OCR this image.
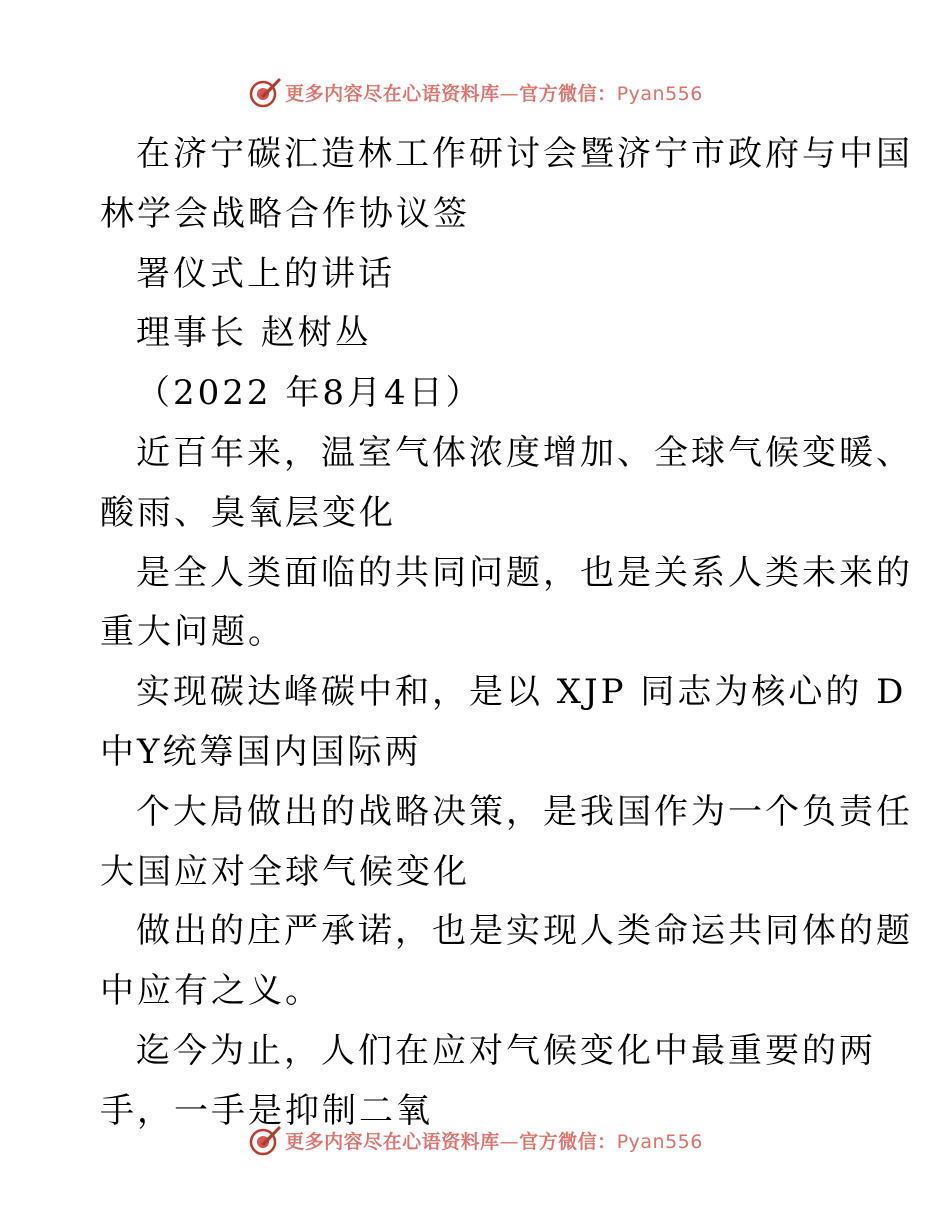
更多内容尽在心语资料库—官方微信：Pyan556
在济宁碳汇造林工作研讨会暨济宁市政府与中国
林学会战略合作协议签
署仪式上的讲话
理事长 赵树丛
（2022 年8月4日）
近百年来，温室气体浓度增加、全球气候变暖、
酸雨、臭氧层变化
是全人类面临的共同问题，也是关系人类未来的
重大问题。
实现碳达峰碳中和，是以 XJP 同志为核心的 D
中Y统筹国内国际两
个大局做出的战略决策，是我国作为一个负责任
大国应对全球气候变化
做出的庄严承诺，也是实现人类命运共同体的题
中应有之义。
迄今为止，人们在应对气候变化中最重要的两
手，一手是抑制二氧
更多内容尽在心语资料库—官方微信：Pyan556
